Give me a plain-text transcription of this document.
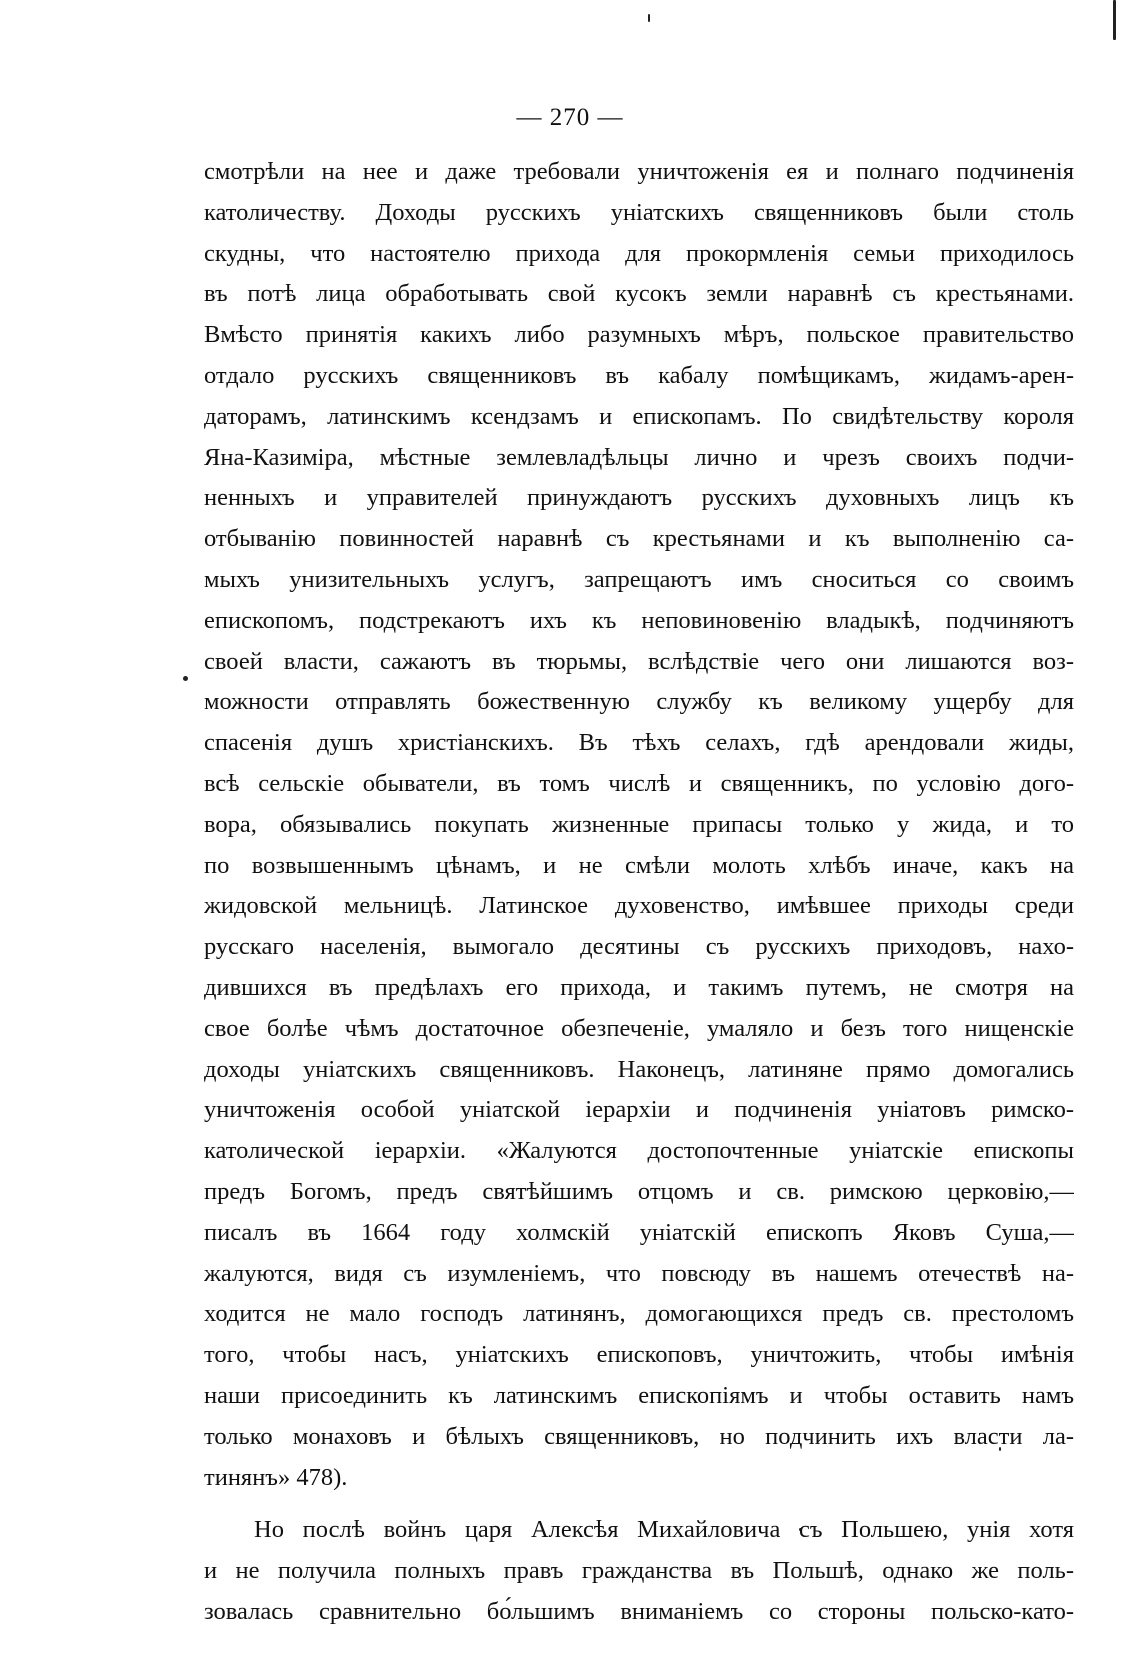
— 270 —
смотрѣли на нее и даже требовали уничтоженія ея и полнаго подчиненія
католичеству. Доходы русскихъ уніатскихъ священниковъ были столь
скудны, что настоятелю прихода для прокормленія семьи приходилось
въ потѣ лица обработывать свой кусокъ земли наравнѣ съ крестьянами.
Вмѣсто принятія какихъ либо разумныхъ мѣръ, польское правительство
отдало русскихъ священниковъ въ кабалу помѣщикамъ, жидамъ-арен-
даторамъ, латинскимъ ксендзамъ и епископамъ. По свидѣтельству короля
Яна-Казиміра, мѣстные землевладѣльцы лично и чрезъ своихъ подчи-
ненныхъ и управителей принуждаютъ русскихъ духовныхъ лицъ къ
отбыванію повинностей наравнѣ съ крестьянами и къ выполненію са-
мыхъ унизительныхъ услугъ, запрещаютъ имъ сноситься со своимъ
епископомъ, подстрекаютъ ихъ къ неповиновенію владыкѣ, подчиняютъ
своей власти, сажаютъ въ тюрьмы, вслѣдствіе чего они лишаются воз-
можности отправлять божественную службу къ великому ущербу для
спасенія душъ христіанскихъ. Въ тѣхъ селахъ, гдѣ арендовали жиды,
всѣ сельскіе обыватели, въ томъ числѣ и священникъ, по условію дого-
вора, обязывались покупать жизненные припасы только у жида, и то
по возвышеннымъ цѣнамъ, и не смѣли молоть хлѣбъ иначе, какъ на
жидовской мельницѣ. Латинское духовенство, имѣвшее приходы среди
русскаго населенія, вымогало десятины съ русскихъ приходовъ, нахо-
дившихся въ предѣлахъ его прихода, и такимъ путемъ, не смотря на
свое болѣе чѣмъ достаточное обезпеченіе, умаляло и безъ того нищенскіе
доходы уніатскихъ священниковъ. Наконецъ, латиняне прямо домогались
уничтоженія особой уніатской іерархіи и подчиненія уніатовъ римско-
католической іерархіи. «Жалуются достопочтенные уніатскіе епископы
предъ Богомъ, предъ святѣйшимъ отцомъ и св. римскою церковію,—
писалъ въ 1664 году холмскій уніатскій епископъ Яковъ Суша,—
жалуются, видя съ изумленіемъ, что повсюду въ нашемъ отечествѣ на-
ходится не мало господъ латинянъ, домогающихся предъ св. престоломъ
того, чтобы насъ, уніатскихъ епископовъ, уничтожить, чтобы имѣнія
наши присоединить къ латинскимъ епископіямъ и чтобы оставить намъ
только монаховъ и бѣлыхъ священниковъ, но подчинить ихъ власти ла-
тинянъ» 478).
Но послѣ войнъ царя Алексѣя Михайловича съ Польшею, унія хотя
и не получила полныхъ правъ гражданства въ Польшѣ, однако же поль-
зовалась сравнительно бо́льшимъ вниманіемъ со стороны польско-като-
